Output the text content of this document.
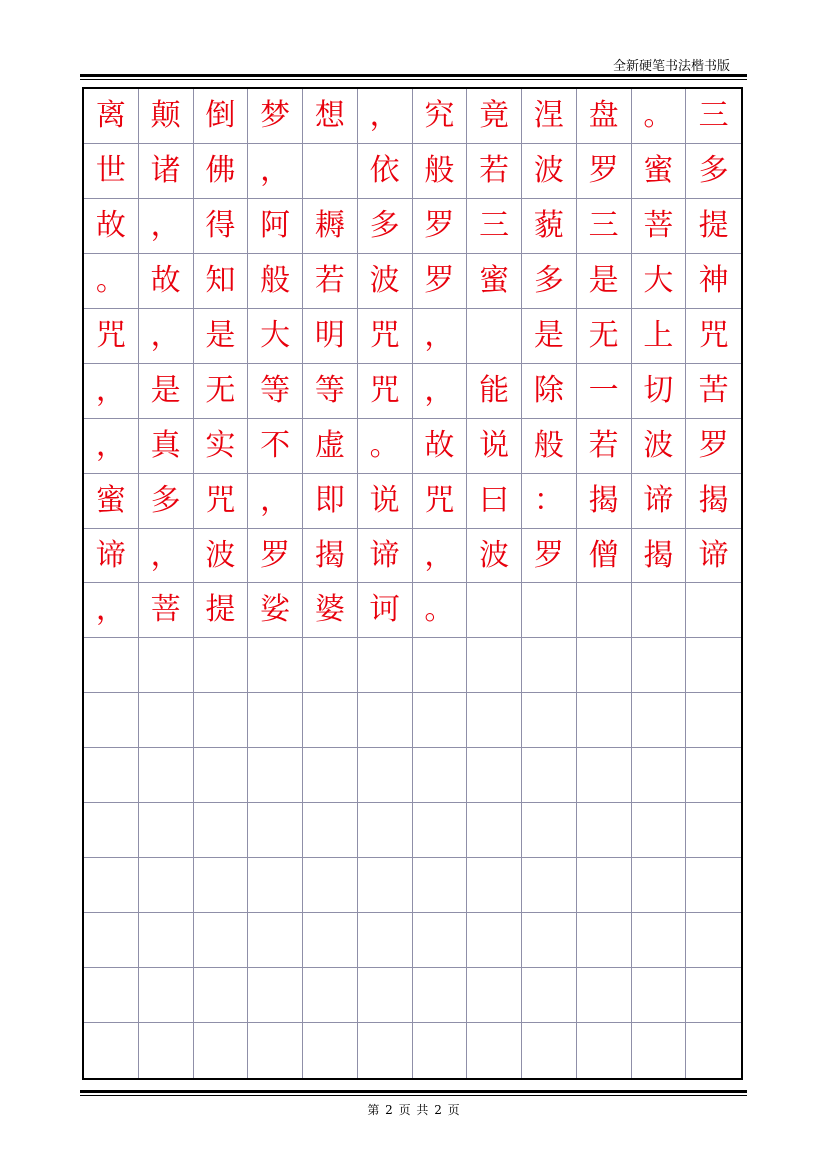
全新硬笔书法楷书版
离 颠 倒 梦 想 ， 究 竟 涅 盘 。 三
世 诸 佛 ，	依 般 若 波 罗 蜜 多
故 ， 得 阿 耨 多 罗 三 藐 三 菩 提
。 故 知 般 若 波 罗 蜜 多 是 大 神
咒 ， 是 大 明 咒 ，	是 无 上 咒
， 是 无 等 等 咒 ， 能 除 一 切 苦
， 真 实 不 虚 。 故 说 般 若 波 罗
蜜 多 咒 ， 即 说 咒 曰 ： 揭 谛 揭
谛 ， 波 罗 揭 谛 ， 波 罗 僧 揭 谛
， 菩 提 娑 婆 诃 。
第 2 页 共 2 页
